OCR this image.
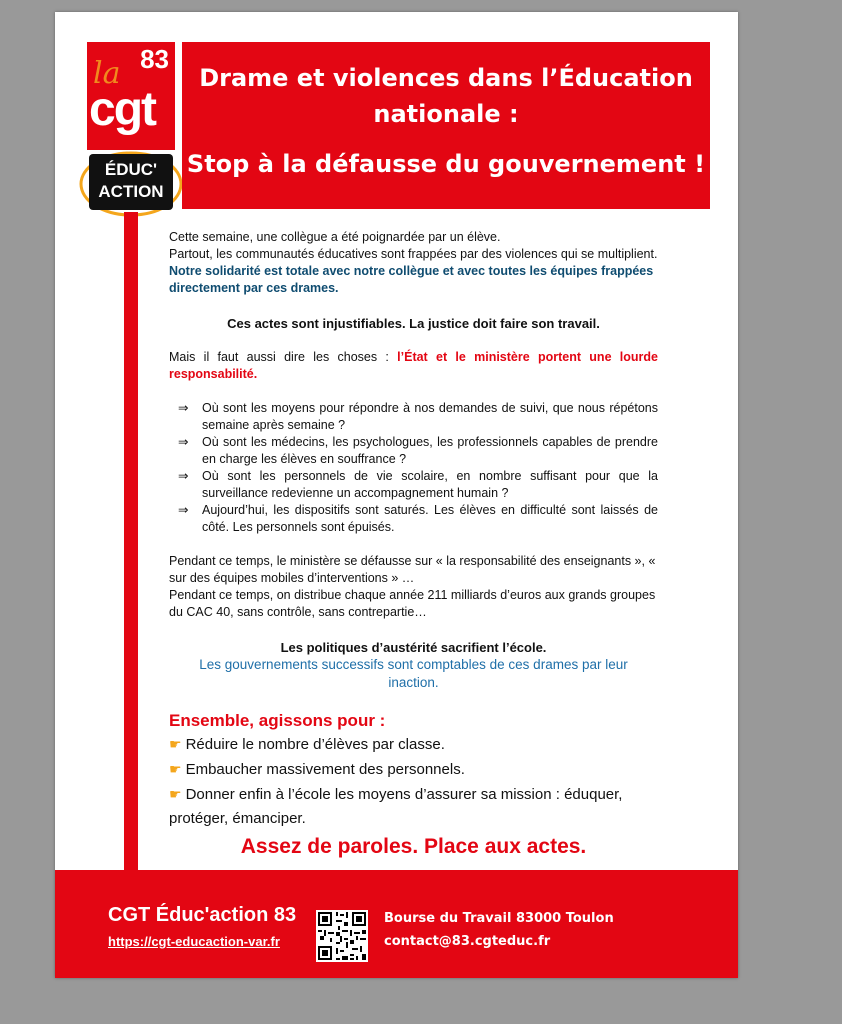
83
la
cgt
ÉDUC'
ACTION
Drame et violences dans l’Éducation nationale :
Stop à la défausse du gouvernement !

Cette semaine, une collègue a été poignardée par un élève.

Partout, les communautés éducatives sont frappées par des violences qui se multiplient.

Notre solidarité est totale avec notre collègue et avec toutes les équipes frappées directement par ces drames.

Ces actes sont injustifiables. La justice doit faire son travail.

Mais il faut aussi dire les choses : l’État et le ministère portent une lourde responsabilité.

⇒ Où sont les moyens pour répondre à nos demandes de suivi, que nous répétons semaine après semaine ?
⇒ Où sont les médecins, les psychologues, les professionnels capables de prendre en charge les élèves en souffrance ?
⇒ Où sont les personnels de vie scolaire, en nombre suffisant pour que la surveillance redevienne un accompagnement humain ?
⇒ Aujourd’hui, les dispositifs sont saturés. Les élèves en difficulté sont laissés de côté. Les personnels sont épuisés.

Pendant ce temps, le ministère se défausse sur « la responsabilité des enseignants », « sur des équipes mobiles d’interventions » …

Pendant ce temps, on distribue chaque année 211 milliards d’euros aux grands groupes du CAC 40, sans contrôle, sans contrepartie…

Les politiques d’austérité sacrifient l’école.

Les gouvernements successifs sont comptables de ces drames par leur inaction.

Ensemble, agissons pour :

☛ Réduire le nombre d’élèves par classe.
☛ Embaucher massivement des personnels.
☛ Donner enfin à l’école les moyens d’assurer sa mission : éduquer, protéger, émanciper.

Assez de paroles. Place aux actes.

CGT Éduc'action 83
https://cgt-educaction-var.fr
Bourse du Travail 83000 Toulon
contact@83.cgteduc.fr
